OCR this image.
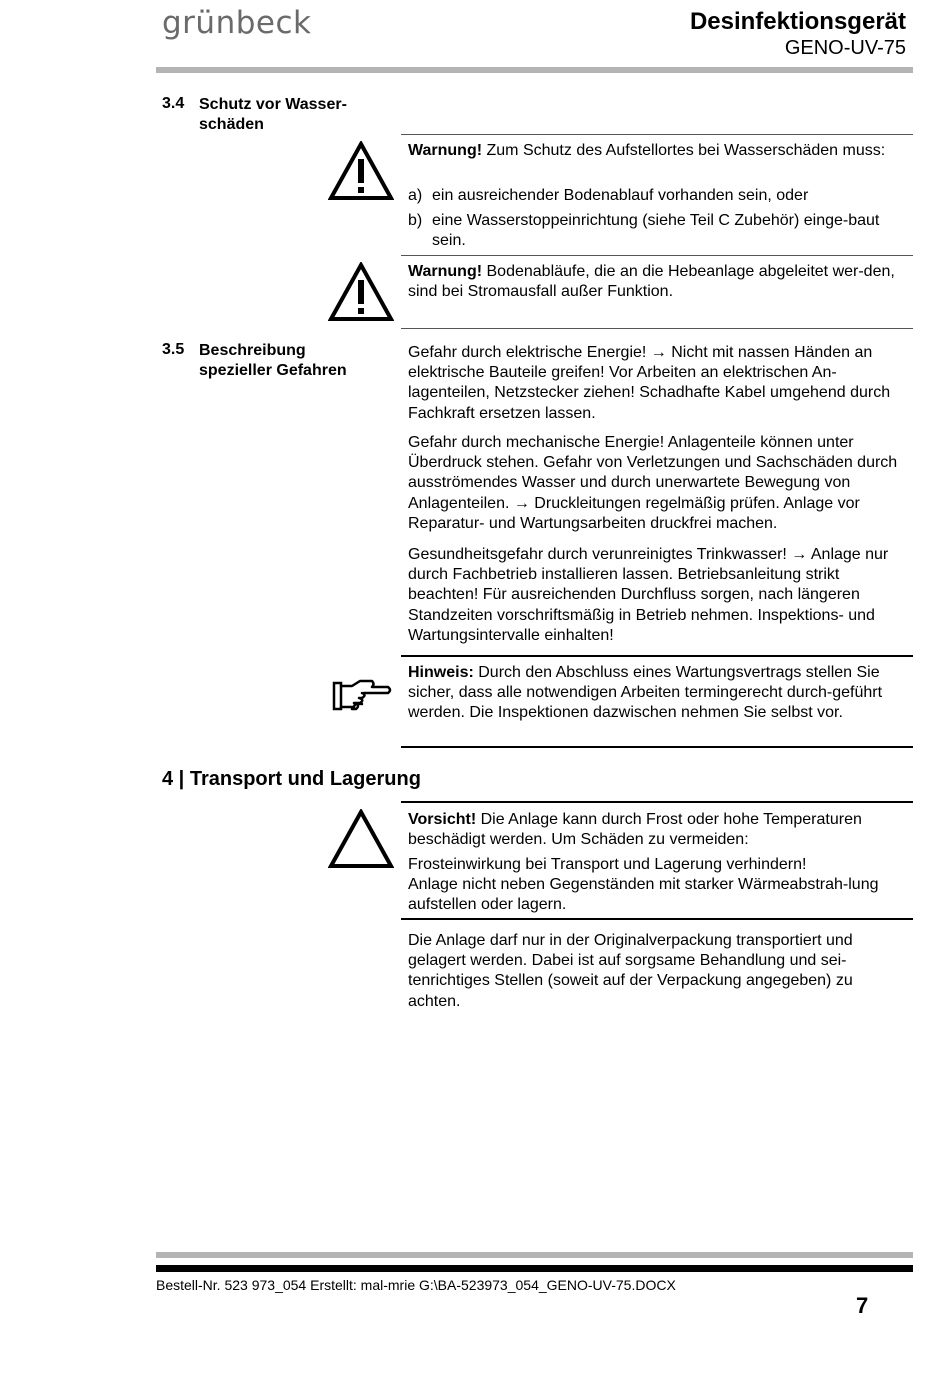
grünbeck	Desinfektionsgerät
GENO-UV-75
3.4 Schutz vor Wasser-
schäden
Warnung! Zum Schutz des Aufstellortes bei Wasserschäden muss:
a) ein ausreichender Bodenablauf vorhanden sein, oder
b) eine Wasserstoppeinrichtung (siehe Teil C Zubehör) einge-baut sein.
Warnung! Bodenabläufe, die an die Hebeanlage abgeleitet wer-den, sind bei Stromausfall außer Funktion.
3.5 Beschreibung
spezieller Gefahren
Gefahr durch elektrische Energie! → Nicht mit nassen Händen an elektrische Bauteile greifen! Vor Arbeiten an elektrischen An-lagenteilen, Netzstecker ziehen! Schadhafte Kabel umgehend durch Fachkraft ersetzen lassen.
Gefahr durch mechanische Energie! Anlagenteile können unter Überdruck stehen. Gefahr von Verletzungen und Sachschäden durch ausströmendes Wasser und durch unerwartete Bewegung von Anlagenteilen. → Druckleitungen regelmäßig prüfen. Anlage vor Reparatur- und Wartungsarbeiten druckfrei machen.
Gesundheitsgefahr durch verunreinigtes Trinkwasser! → Anlage nur durch Fachbetrieb installieren lassen. Betriebsanleitung strikt beachten! Für ausreichenden Durchfluss sorgen, nach längeren Standzeiten vorschriftsmäßig in Betrieb nehmen. Inspektions- und Wartungsintervalle einhalten!
Hinweis: Durch den Abschluss eines Wartungsvertrags stellen Sie sicher, dass alle notwendigen Arbeiten termingerecht durch-geführt werden. Die Inspektionen dazwischen nehmen Sie selbst vor.
4 | Transport und Lagerung
Vorsicht! Die Anlage kann durch Frost oder hohe Temperaturen beschädigt werden. Um Schäden zu vermeiden:
Frosteinwirkung bei Transport und Lagerung verhindern!
Anlage nicht neben Gegenständen mit starker Wärmeabstrah-lung aufstellen oder lagern.
Die Anlage darf nur in der Originalverpackung transportiert und gelagert werden. Dabei ist auf sorgsame Behandlung und sei-tenrichtiges Stellen (soweit auf der Verpackung angegeben) zu achten.
Bestell-Nr. 523 973_054 Erstellt: mal-mrie G:\BA-523973_054_GENO-UV-75.DOCX
7
